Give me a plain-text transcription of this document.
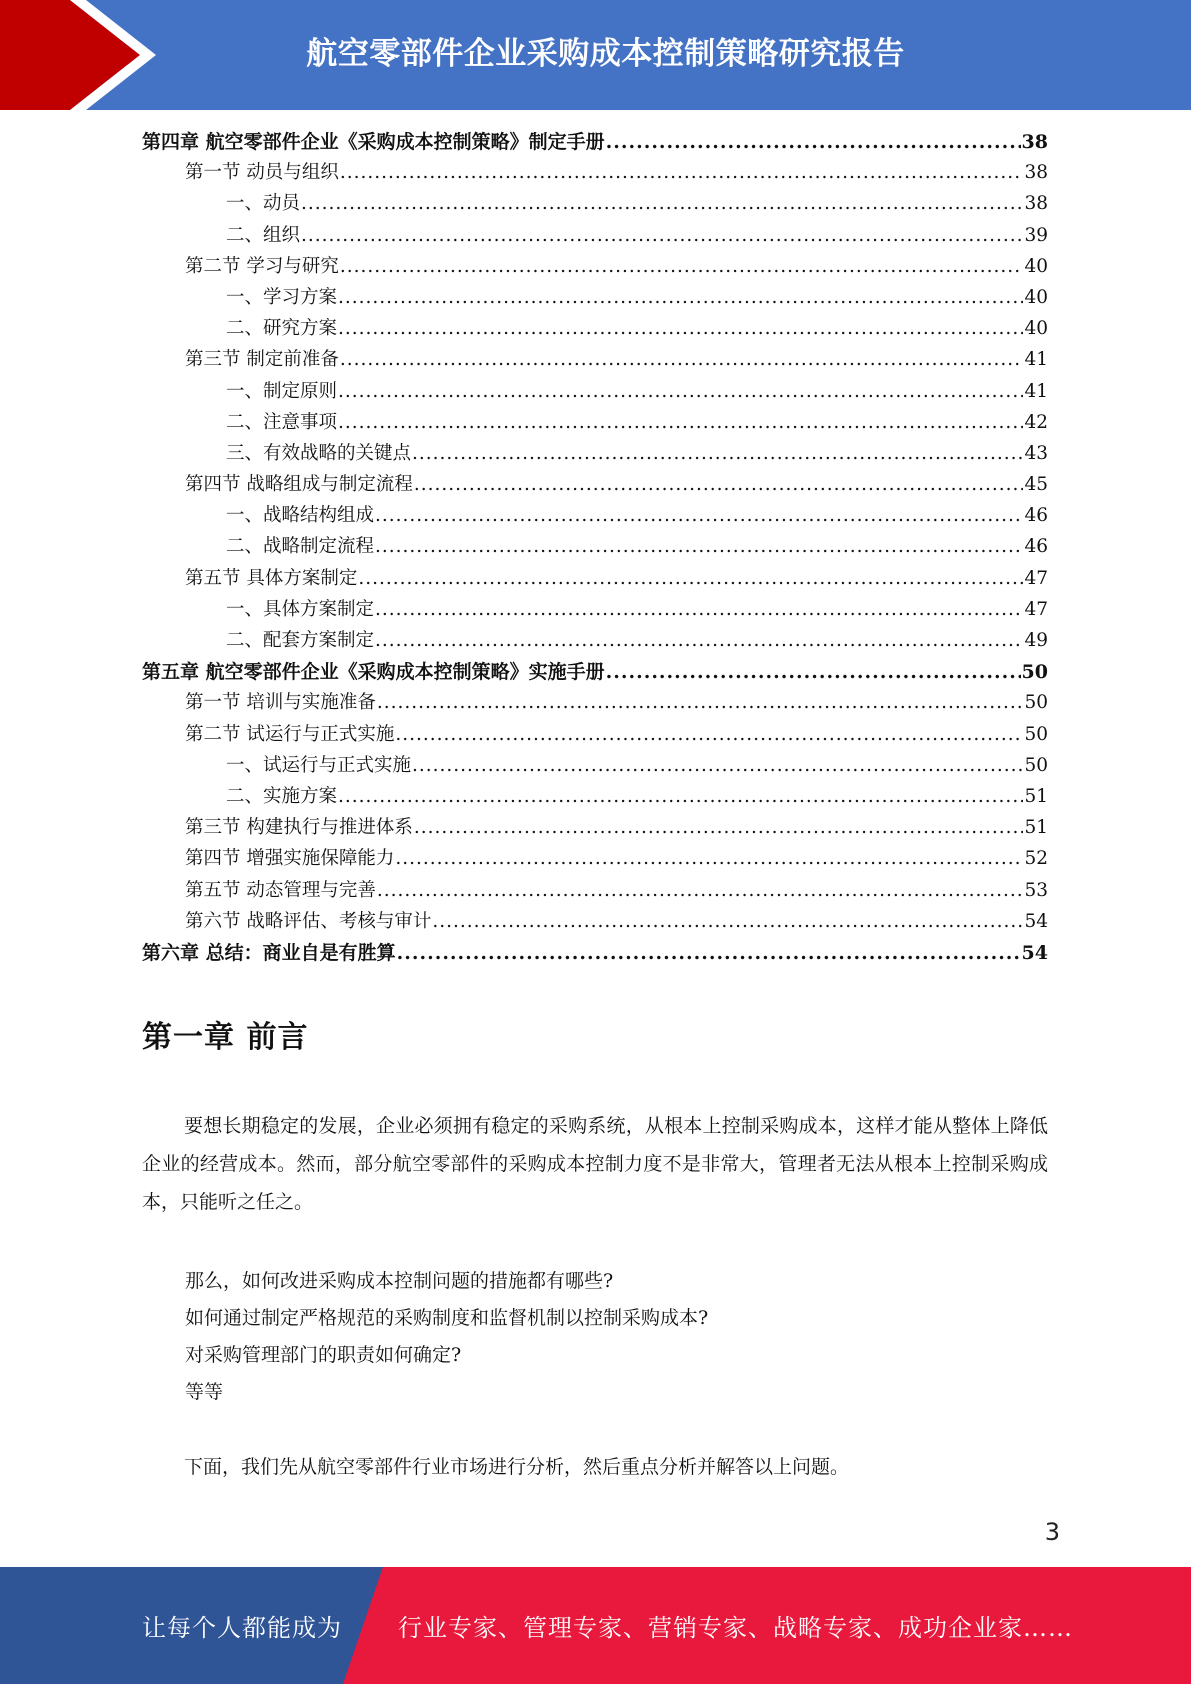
航空零部件企业采购成本控制策略研究报告
第四章 航空零部件企业《采购成本控制策略》制定手册 .....	38
第一节 动员与组织 .....	38
一、动员 .....	38
二、组织 .....	39
第二节 学习与研究 .....	40
一、学习方案 .....	40
二、研究方案 .....	40
第三节 制定前准备 .....	41
一、制定原则 .....	41
二、注意事项 .....	42
三、有效战略的关键点 .....	43
第四节 战略组成与制定流程 .....	45
一、战略结构组成 .....	46
二、战略制定流程 .....	46
第五节 具体方案制定 .....	47
一、具体方案制定 .....	47
二、配套方案制定 .....	49
第五章 航空零部件企业《采购成本控制策略》实施手册 .....	50
第一节 培训与实施准备 .....	50
第二节 试运行与正式实施 .....	50
一、试运行与正式实施 .....	50
二、实施方案 .....	51
第三节 构建执行与推进体系 .....	51
第四节 增强实施保障能力 .....	52
第五节 动态管理与完善 .....	53
第六节 战略评估、考核与审计 .....	54
第六章 总结：商业自是有胜算 .....	54
第一章 前言

要想长期稳定的发展，企业必须拥有稳定的采购系统，从根本上控制采购成本，这样才能从整体上降低企业的经营成本。然而，部分航空零部件的采购成本控制力度不是非常大，管理者无法从根本上控制采购成本，只能听之任之。

那么，如何改进采购成本控制问题的措施都有哪些?
如何通过制定严格规范的采购制度和监督机制以控制采购成本?
对采购管理部门的职责如何确定?
等等

下面，我们先从航空零部件行业市场进行分析，然后重点分析并解答以上问题。

3
让每个人都能成为 行业专家、管理专家、营销专家、战略专家、成功企业家……
